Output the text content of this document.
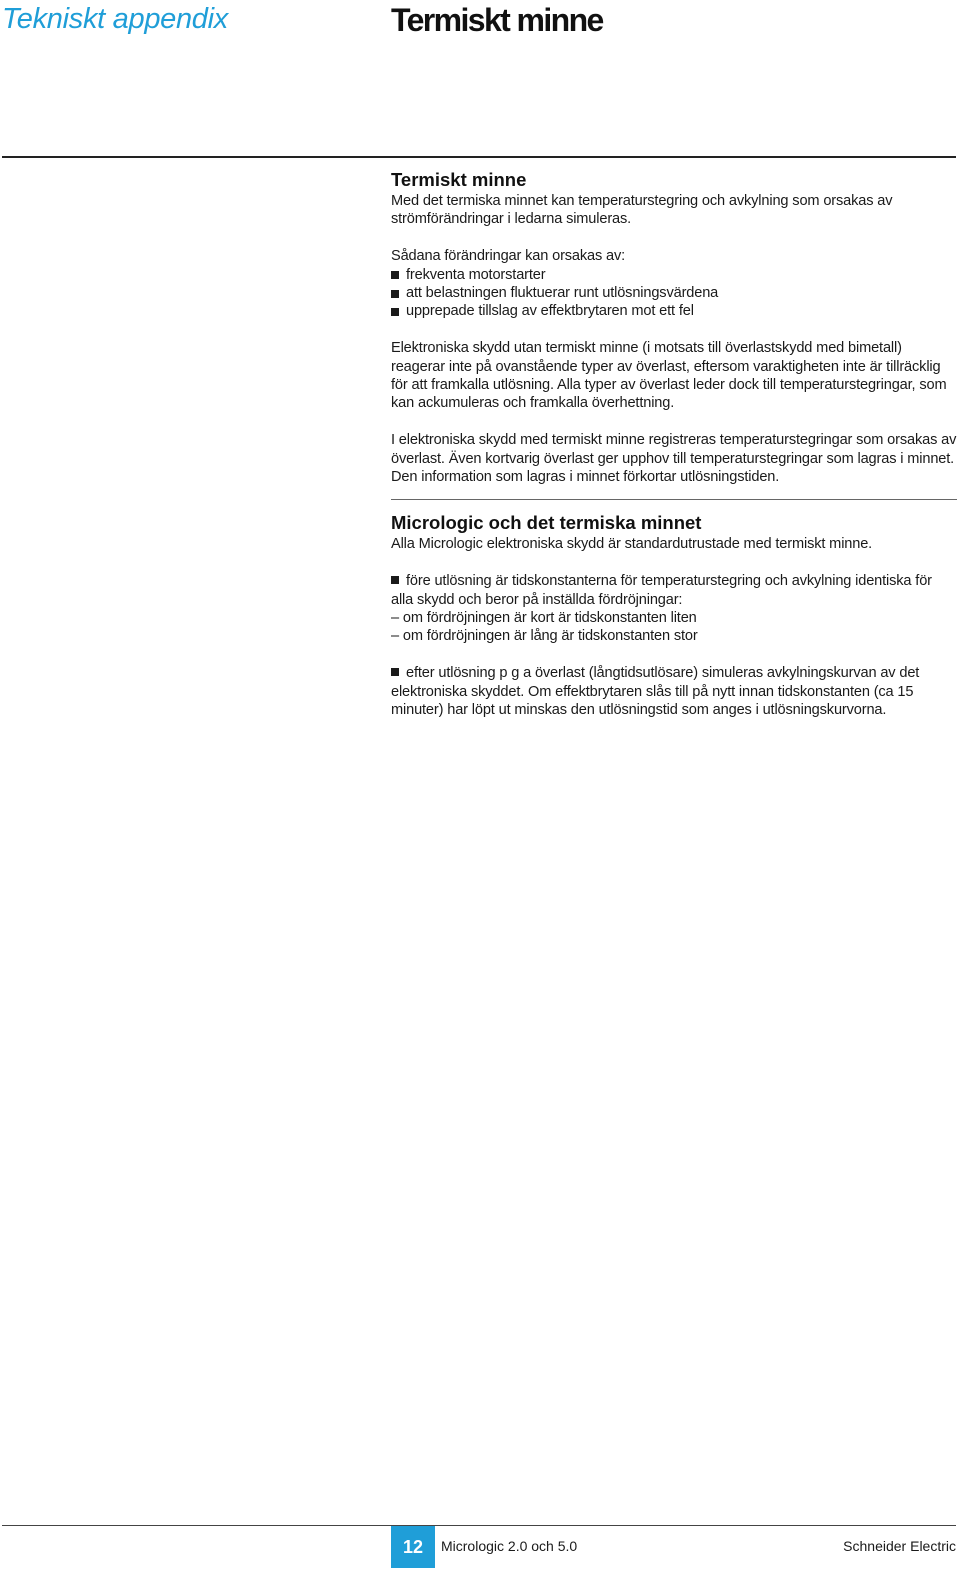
Tekniskt appendix	Termiskt minne
Termiskt minne

Med det termiska minnet kan temperaturstegring och avkylning som orsakas av strömförändringar i ledarna simuleras.

Sådana förändringar kan orsakas av:

frekventa motorstarter
att belastningen fluktuerar runt utlösningsvärdena
upprepade tillslag av effektbrytaren mot ett fel

Elektroniska skydd utan termiskt minne (i motsats till överlastskydd med bimetall) reagerar inte på ovanstående typer av överlast, eftersom varaktigheten inte är tillräcklig för att framkalla utlösning. Alla typer av överlast leder dock till temperaturstegringar, som kan ackumuleras och framkalla överhettning.

I elektroniska skydd med termiskt minne registreras temperaturstegringar som orsakas av överlast. Även kortvarig överlast ger upphov till temperaturstegringar som lagras i minnet.

Den information som lagras i minnet förkortar utlösningstiden.

Micrologic och det termiska minnet

Alla Micrologic elektroniska skydd är standardutrustade med termiskt minne.

före utlösning är tidskonstanterna för temperaturstegring och avkylning identiska för alla skydd och beror på inställda fördröjningar:

– om fördröjningen är kort är tidskonstanten liten

– om fördröjningen är lång är tidskonstanten stor

efter utlösning p g a överlast (långtidsutlösare) simuleras avkylningskurvan av det elektroniska skyddet. Om effektbrytaren slås till på nytt innan tidskonstanten (ca 15 minuter) har löpt ut minskas den utlösningstid som anges i utlösningskurvorna.

12	Micrologic 2.0 och 5.0	Schneider Electric
